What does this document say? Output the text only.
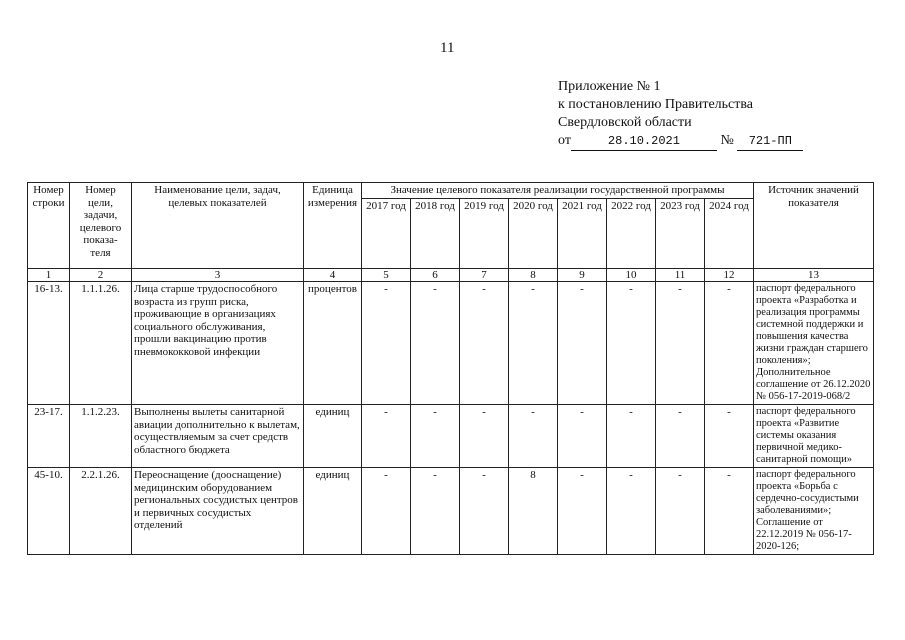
11
Приложение № 1
к постановлению Правительства
Свердловской области
от	28.10.2021	№ 721-ПП
Номер строки	Номер цели, задачи, целевого показа- теля	Наименование цели, задач, целевых показателей	Единица измерения	Значение целевого показателя реализации государственной программы								Источник значений показателя
				2017 год	2018 год	2019 год	2020 год	2021 год	2022 год	2023 год	2024 год	
1	2	3	4	5	6	7	8	9	10	11	12	13
16-13.	1.1.1.26.	Лица старше трудоспособного возраста из групп риска, проживающие в организациях социального обслуживания, прошли вакцинацию против пневмококковой инфекции	процентов	-	-	-	-	-	-	-	-	паспорт федерального проекта «Разработка и реализация программы системной поддержки и повышения качества жизни граждан старшего поколения»; Дополнительное соглашение от 26.12.2020 № 056-17-2019-068/2
23-17.	1.1.2.23.	Выполнены вылеты санитарной авиации дополнительно к вылетам, осуществляемым за счет средств областного бюджета	единиц	-	-	-	-	-	-	-	-	паспорт федерального проекта «Развитие системы оказания первичной медико-санитарной помощи»
45-10.	2.2.1.26.	Переоснащение (дооснащение) медицинским оборудованием региональных сосудистых центров и первичных сосудистых отделений	единиц	-	-	-	8	-	-	-	-	паспорт федерального проекта «Борьба с сердечно-сосудистыми заболеваниями»; Соглашение от 22.12.2019 № 056-17-2020-126;
